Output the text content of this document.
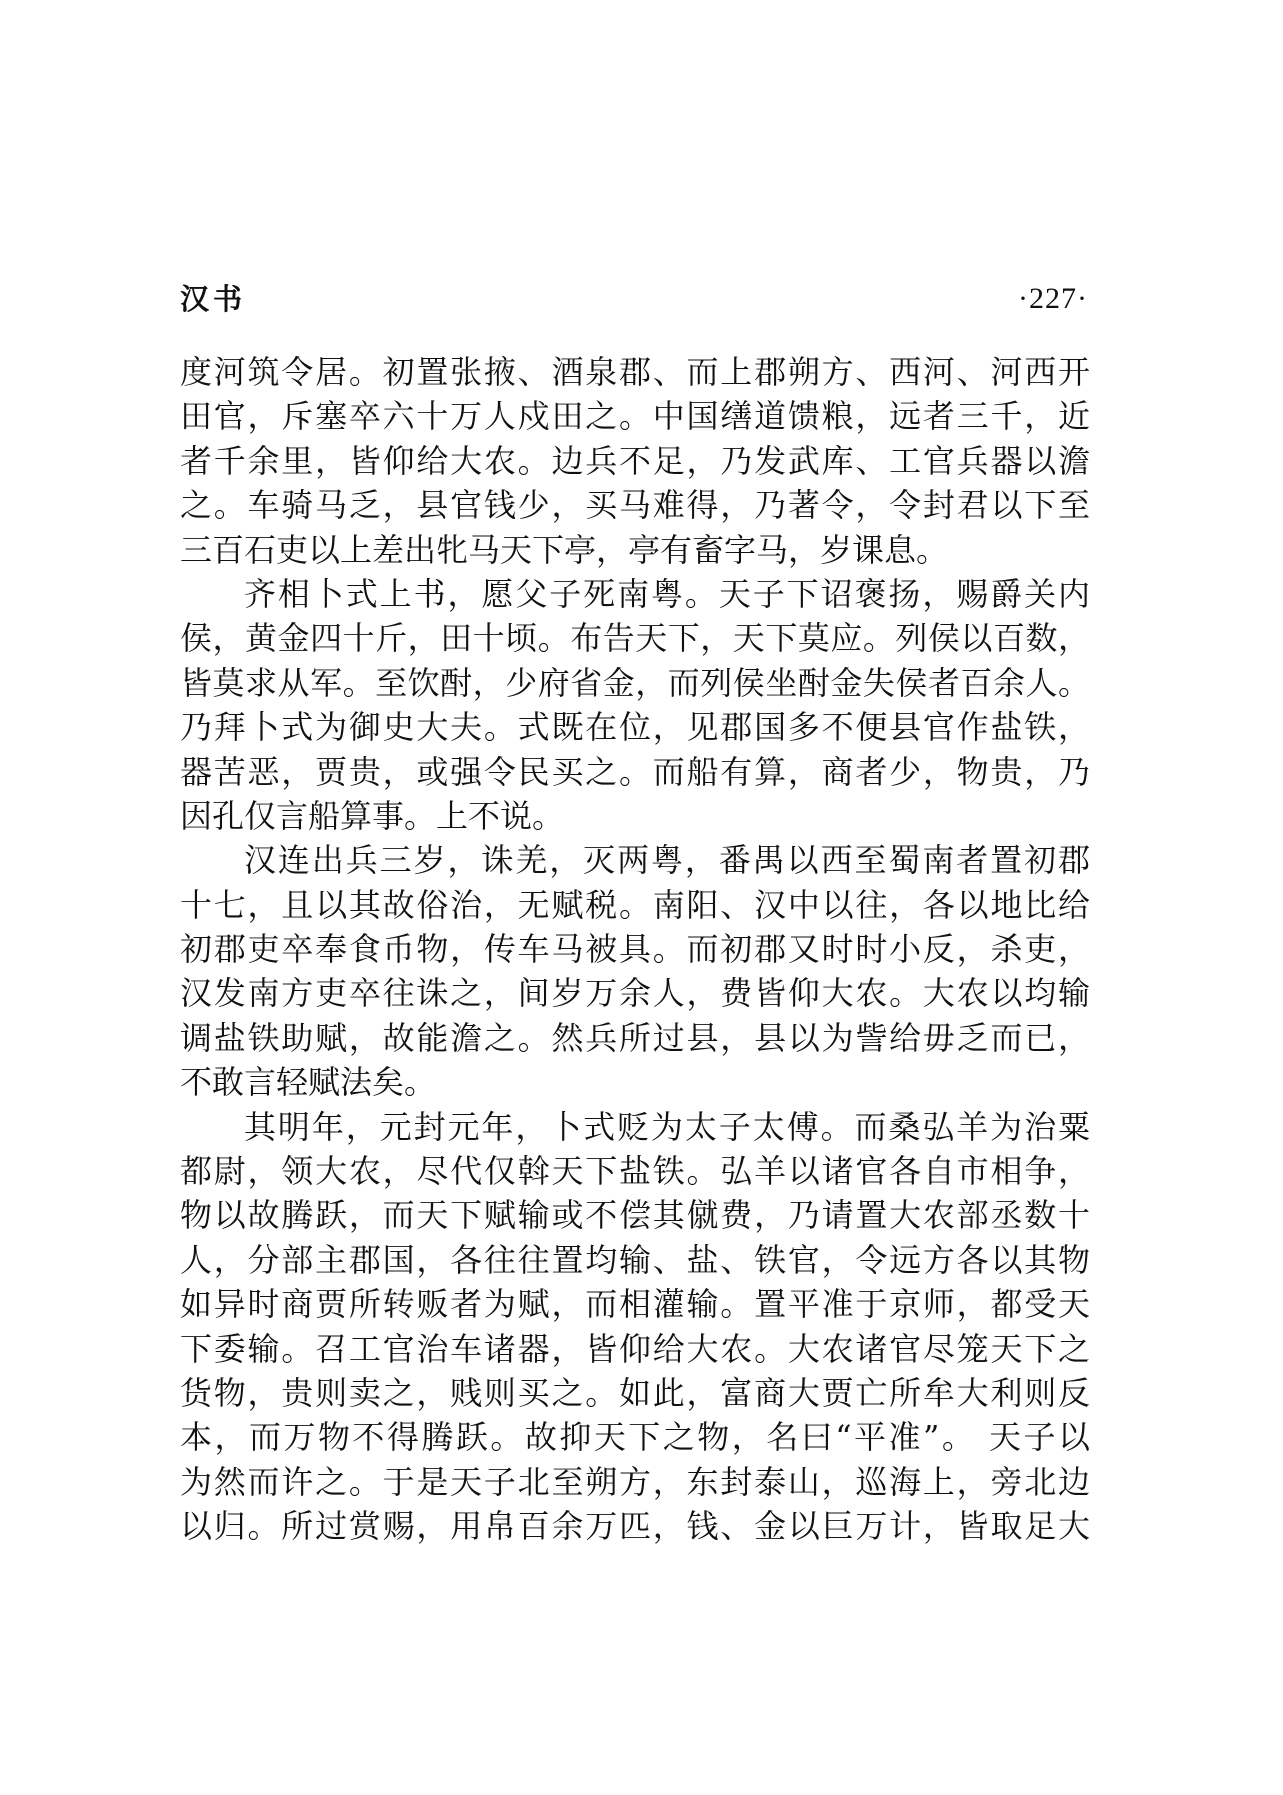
汉书	·227·
度河筑令居。初置张掖、酒泉郡、而上郡朔方、西河、河西开
田官，斥塞卒六十万人戍田之。中国缮道馈粮，远者三千，近
者千余里，皆仰给大农。边兵不足，乃发武库、工官兵器以澹
之。车骑马乏，县官钱少，买马难得，乃著令，令封君以下至
三百石吏以上差出牝马天下亭，亭有畜字马，岁课息。
齐相卜式上书，愿父子死南粤。天子下诏褒扬，赐爵关内
侯，黄金四十斤，田十顷。布告天下，天下莫应。列侯以百数，
皆莫求从军。至饮酎，少府省金，而列侯坐酎金失侯者百余人。
乃拜卜式为御史大夫。式既在位，见郡国多不便县官作盐铁，
器苦恶，贾贵，或强令民买之。而船有算，商者少，物贵，乃
因孔仅言船算事。上不说。
汉连出兵三岁，诛羌，灭两粤，番禺以西至蜀南者置初郡
十七，且以其故俗治，无赋税。南阳、汉中以往，各以地比给
初郡吏卒奉食币物，传车马被具。而初郡又时时小反，杀吏，
汉发南方吏卒往诛之，间岁万余人，费皆仰大农。大农以均输
调盐铁助赋，故能澹之。然兵所过县，县以为訾给毋乏而已，
不敢言轻赋法矣。
其明年，元封元年，卜式贬为太子太傅。而桑弘羊为治粟
都尉，领大农，尽代仅斡天下盐铁。弘羊以诸官各自市相争，
物以故腾跃，而天下赋输或不偿其僦费，乃请置大农部丞数十
人，分部主郡国，各往往置均输、盐、铁官，令远方各以其物
如异时商贾所转贩者为赋，而相灌输。置平准于京师，都受天
下委输。召工官治车诸器，皆仰给大农。大农诸官尽笼天下之
货物，贵则卖之，贱则买之。如此，富商大贾亡所牟大利则反
本，而万物不得腾跃。故抑天下之物，名曰“平准”。 天子以
为然而许之。于是天子北至朔方，东封泰山，巡海上，旁北边
以归。所过赏赐，用帛百余万匹，钱、金以巨万计，皆取足大
